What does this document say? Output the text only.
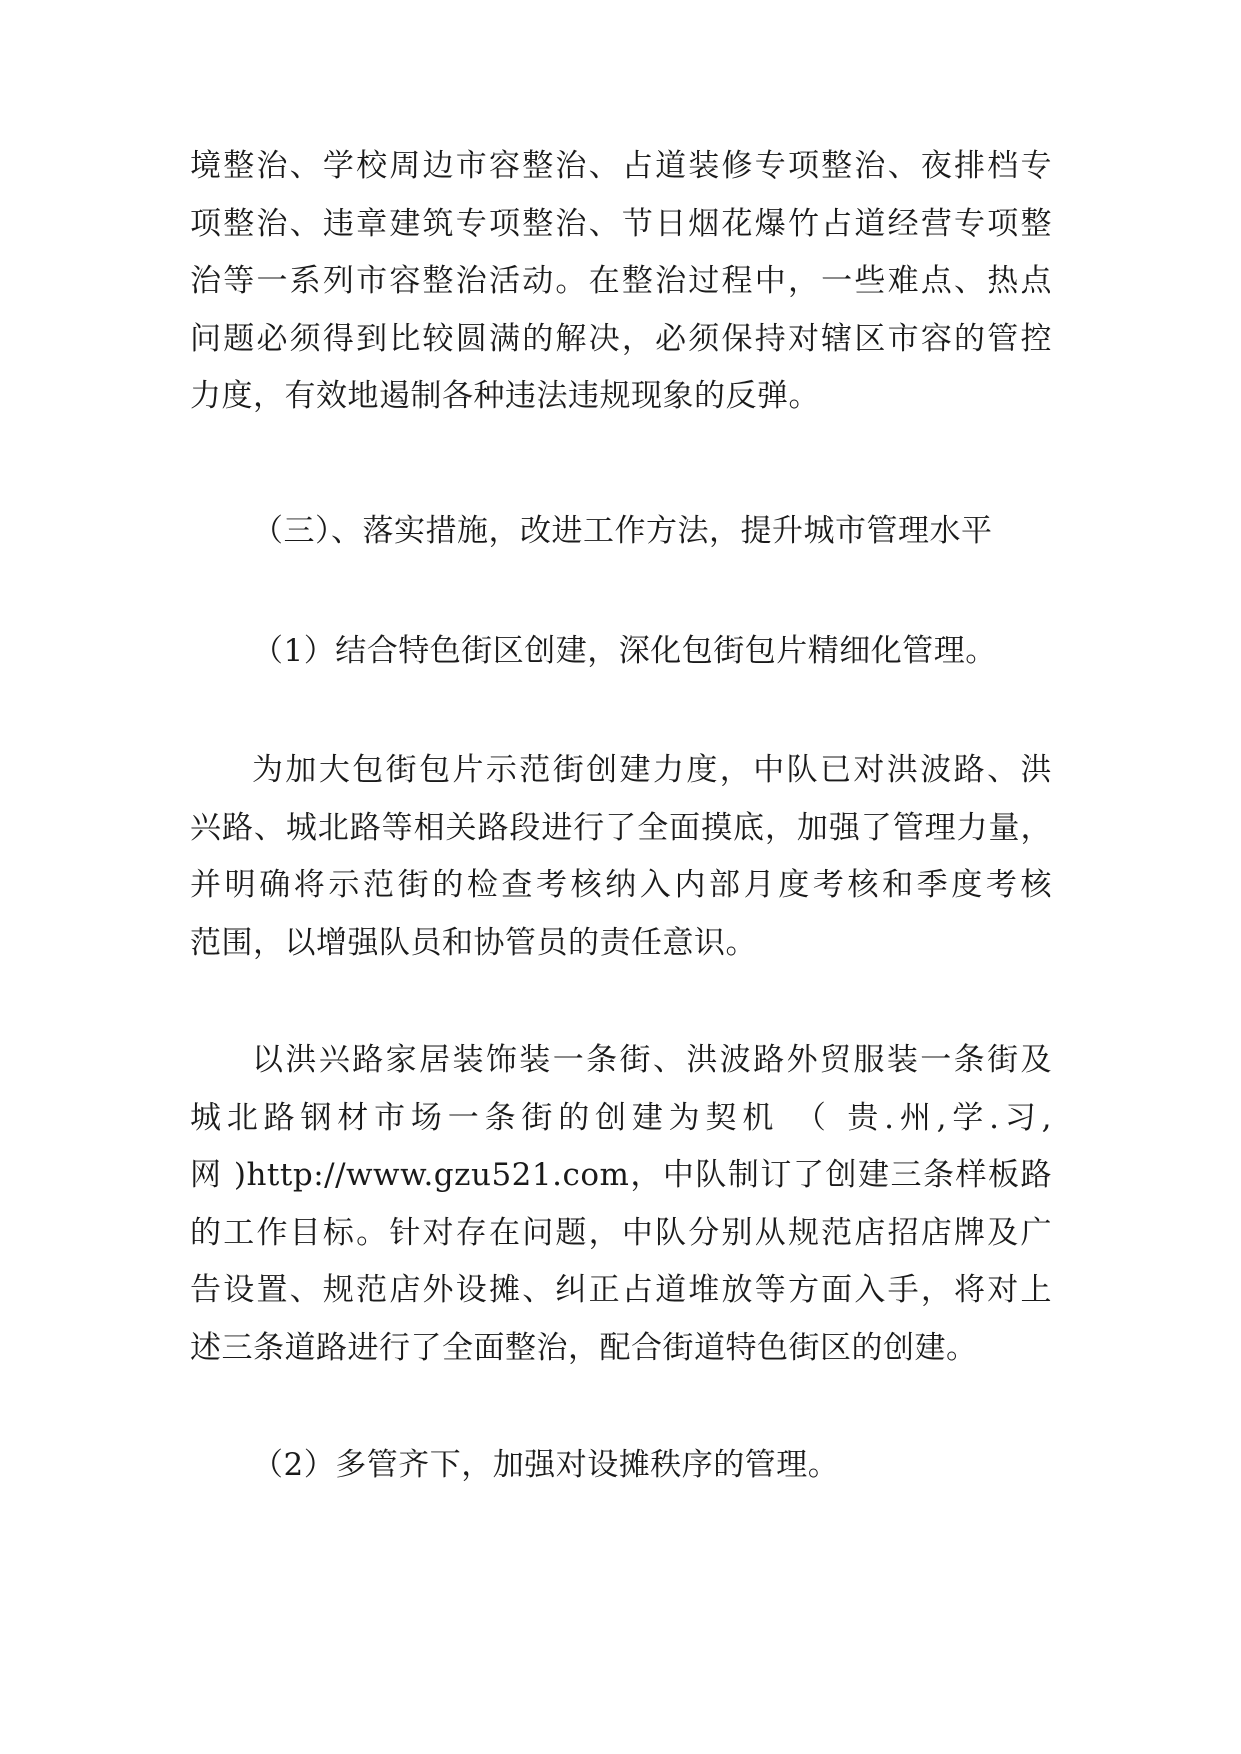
境整治、学校周边市容整治、占道装修专项整治、夜排档专
项整治、违章建筑专项整治、节日烟花爆竹占道经营专项整
治等一系列市容整治活动。在整治过程中，一些难点、热点
问题必须得到比较圆满的解决，必须保持对辖区市容的管控
力度，有效地遏制各种违法违规现象的反弹。
（三）、落实措施，改进工作方法，提升城市管理水平
（1）结合特色街区创建，深化包街包片精细化管理。
为加大包街包片示范街创建力度，中队已对洪波路、洪
兴路、城北路等相关路段进行了全面摸底，加强了管理力量，
并明确将示范街的检查考核纳入内部月度考核和季度考核
范围，以增强队员和协管员的责任意识。
以洪兴路家居装饰装一条街、洪波路外贸服装一条街及
城北路钢材市场一条街的创建为契机 （ 贵.州,学.习,
网 )http://www.gzu521.com，中队制订了创建三条样板路
的工作目标。针对存在问题，中队分别从规范店招店牌及广
告设置、规范店外设摊、纠正占道堆放等方面入手，将对上
述三条道路进行了全面整治，配合街道特色街区的创建。
（2）多管齐下，加强对设摊秩序的管理。
